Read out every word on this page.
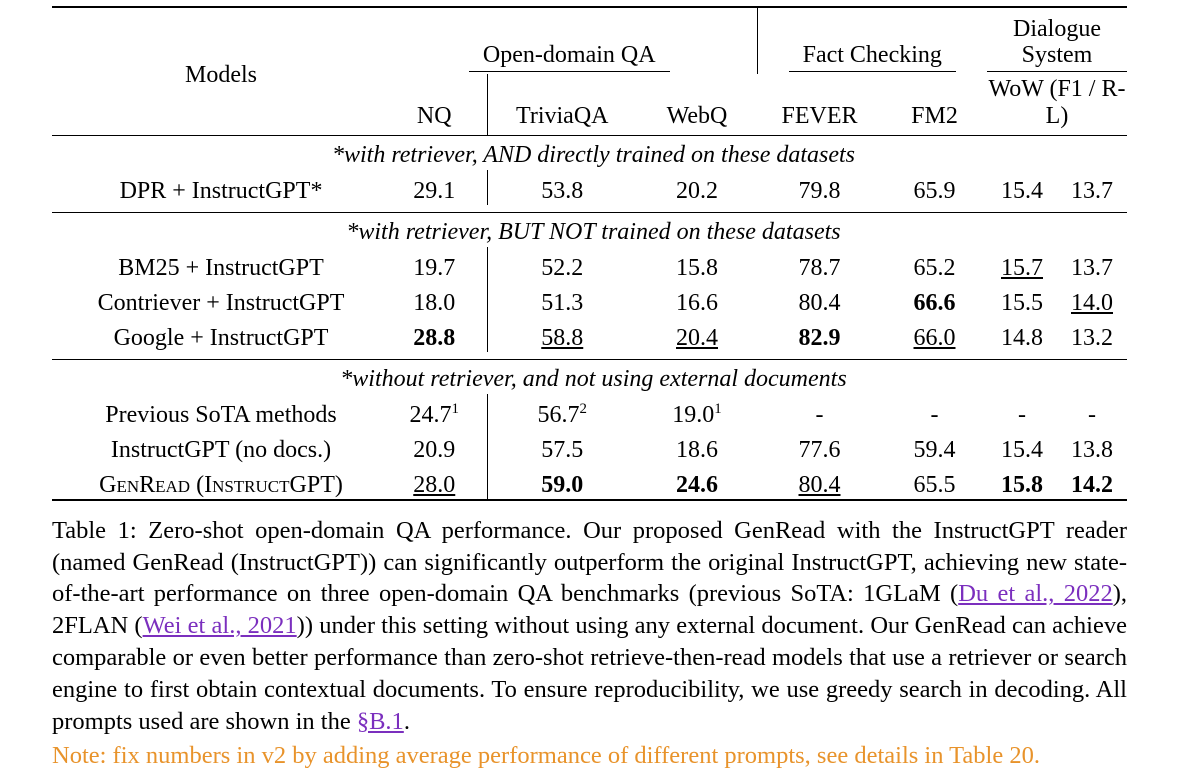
Models	Open-domain QA			Fact Checking		Dialogue System	
	NQ	TriviaQA	WebQ	FEVER	FM2	WoW (F1 / R-L)	
*with retriever, AND directly trained on these datasets							
DPR + InstructGPT*	29.1	53.8	20.2	79.8	65.9	15.4	13.7

*with retriever, BUT NOT trained on these datasets							
BM25 + InstructGPT	19.7	52.2	15.8	78.7	65.2	15.7	13.7
Contriever + InstructGPT	18.0	51.3	16.6	80.4	66.6	15.5	14.0
Google + InstructGPT	28.8	58.8	20.4	82.9	66.0	14.8	13.2

*without retriever, and not using external documents							
Previous SoTA methods	24.7$^1$	56.7$^2$	19.0$^1$	-	-	-	-
InstructGPT (no docs.)	20.9	57.5	18.6	77.6	59.4	15.4	13.8
GenRead (InstructGPT)	28.0	59.0	24.6	80.4	65.5	15.8	14.2
Table 1: Zero-shot open-domain QA performance. Our proposed GenRead with the InstructGPT reader (named GenRead (InstructGPT)) can significantly outperform the original InstructGPT, achieving new state-of-the-art performance on three open-domain QA benchmarks (previous SoTA: 1GLaM (Du et al., 2022), 2FLAN (Wei et al., 2021)) under this setting without using any external document. Our GenRead can achieve comparable or even better performance than zero-shot retrieve-then-read models that use a retriever or search engine to first obtain contextual documents. To ensure reproducibility, we use greedy search in decoding. All prompts used are shown in the §B.1.
Note: fix numbers in v2 by adding average performance of different prompts, see details in Table 20.
